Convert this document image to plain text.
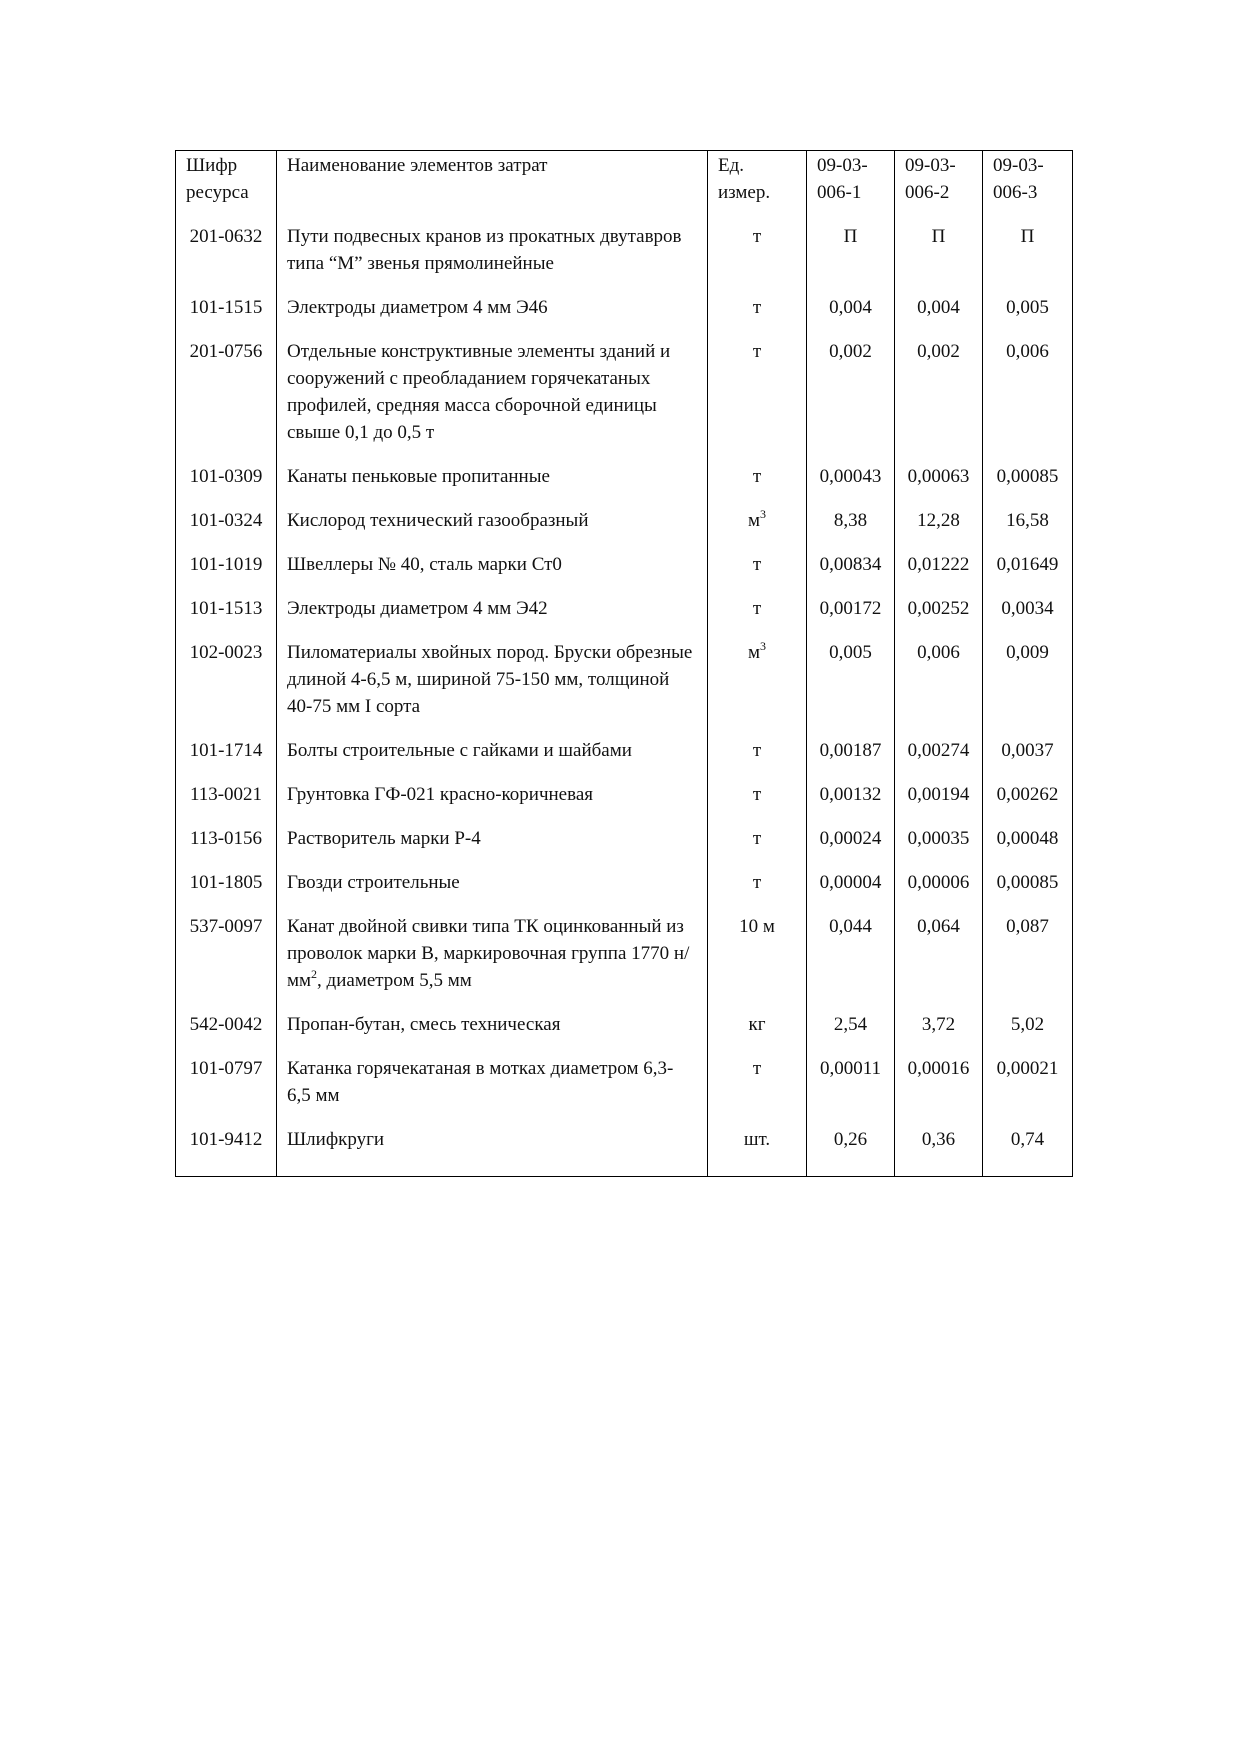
Шифр ресурса	Наименование элементов затрат	Ед. измер.	09-03-006-1	09-03-006-2	09-03-006-3
201-0632	Пути подвесных кранов из прокатных двутавров типа “М” звенья прямолинейные	т	П	П	П
101-1515	Электроды диаметром 4 мм Э46	т	0,004	0,004	0,005
201-0756	Отдельные конструктивные элементы зданий и сооружений с преобладанием горячекатаных профилей, средняя масса сборочной единицы свыше 0,1 до 0,5 т	т	0,002	0,002	0,006
101-0309	Канаты пеньковые пропитанные	т	0,00043	0,00063	0,00085
101-0324	Кислород технический газообразный	$м^3$	8,38	12,28	16,58
101-1019	Швеллеры № 40, сталь марки Ст0	т	0,00834	0,01222	0,01649
101-1513	Электроды диаметром 4 мм Э42	т	0,00172	0,00252	0,0034
102-0023	Пиломатериалы хвойных пород. Бруски обрезные длиной 4-6,5 м, шириной 75-150 мм, толщиной 40-75 мм I сорта	$м^3$	0,005	0,006	0,009
101-1714	Болты строительные с гайками и шайбами	т	0,00187	0,00274	0,0037
113-0021	Грунтовка ГФ-021 красно-коричневая	т	0,00132	0,00194	0,00262
113-0156	Растворитель марки Р-4	т	0,00024	0,00035	0,00048
101-1805	Гвозди строительные	т	0,00004	0,00006	0,00085
537-0097	Канат двойной свивки типа ТК оцинкованный из проволок марки В, маркировочная группа 1770 $н/мм^2$, диаметром 5,5 мм	10 м	0,044	0,064	0,087
542-0042	Пропан-бутан, смесь техническая	кг	2,54	3,72	5,02
101-0797	Катанка горячекатаная в мотках диаметром 6,3-6,5 мм	т	0,00011	0,00016	0,00021
101-9412	Шлифкруги	шт.	0,26	0,36	0,74
